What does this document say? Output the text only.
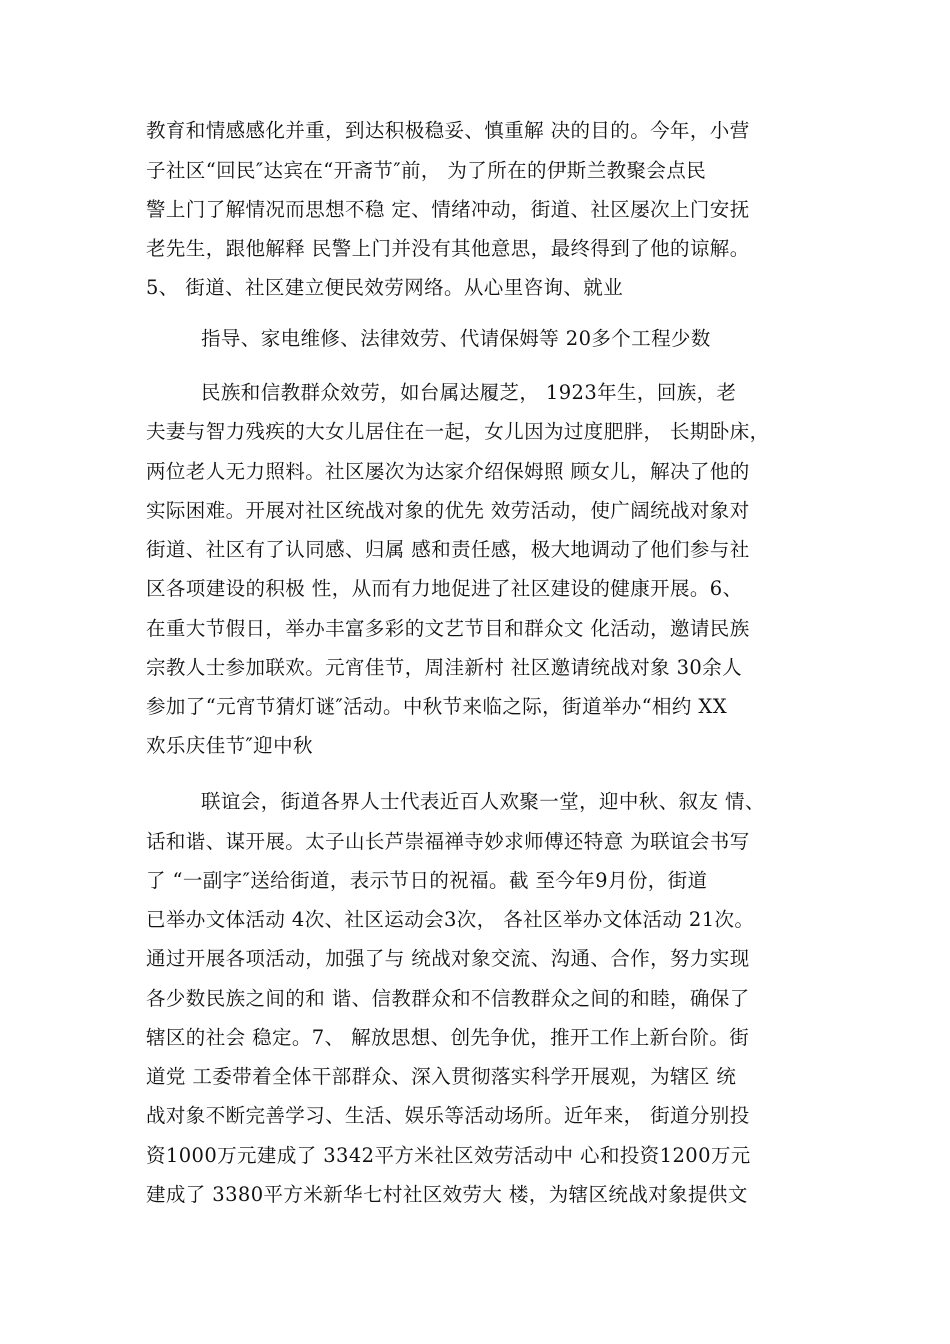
教育和情感感化并重，到达积极稳妥、慎重解 决的目的。今年，小营
子社区“回民″达宾在“开斋节″前， 为了所在的伊斯兰教聚会点民
警上门了解情况而思想不稳 定、情绪冲动，街道、社区屡次上门安抚
老先生，跟他解释 民警上门并没有其他意思，最终得到了他的谅解。
5、 街道、社区建立便民效劳网络。从心里咨询、就业
指导、家电维修、法律效劳、代请保姆等 20多个工程少数
民族和信教群众效劳，如台属达履芝， 1923年生，回族，老
夫妻与智力残疾的大女儿居住在一起，女儿因为过度肥胖， 长期卧床，
两位老人无力照料。社区屡次为达家介绍保姆照 顾女儿，解决了他的
实际困难。开展对社区统战对象的优先 效劳活动，使广阔统战对象对
街道、社区有了认同感、归属 感和责任感，极大地调动了他们参与社
区各项建设的积极 性，从而有力地促进了社区建设的健康开展。6、
在重大节假日，举办丰富多彩的文艺节目和群众文 化活动，邀请民族
宗教人士参加联欢。元宵佳节，周洼新村 社区邀请统战对象 30余人
参加了“元宵节猜灯谜″活动。中秋节来临之际，街道举办“相约 XX
欢乐庆佳节″迎中秋
联谊会，街道各界人士代表近百人欢聚一堂，迎中秋、叙友 情、
话和谐、谋开展。太子山长芦崇福禅寺妙求师傅还特意 为联谊会书写
了 “一副字″送给街道，表示节日的祝福。截 至今年9月份，街道
已举办文体活动 4次、社区运动会3次， 各社区举办文体活动 21次。
通过开展各项活动，加强了与 统战对象交流、沟通、合作，努力实现
各少数民族之间的和 谐、信教群众和不信教群众之间的和睦，确保了
辖区的社会 稳定。7、 解放思想、创先争优，推开工作上新台阶。街
道党 工委带着全体干部群众、深入贯彻落实科学开展观，为辖区 统
战对象不断完善学习、生活、娱乐等活动场所。近年来， 街道分别投
资1000万元建成了 3342平方米社区效劳活动中 心和投资1200万元
建成了 3380平方米新华七村社区效劳大 楼，为辖区统战对象提供文
